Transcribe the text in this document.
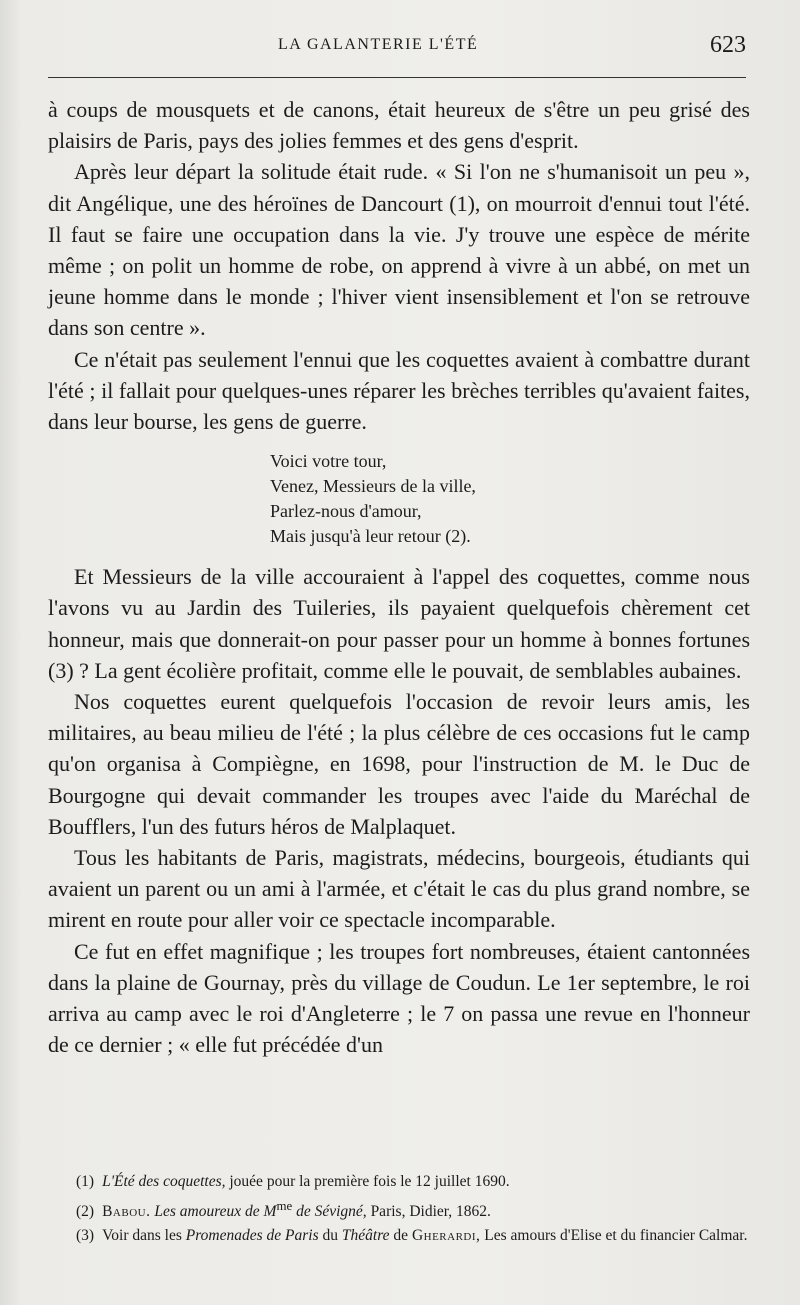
LA GALANTERIE L'ÉTÉ	623

à coups de mousquets et de canons, était heureux de s'être un peu grisé des plaisirs de Paris, pays des jolies femmes et des gens d'esprit.

Après leur départ la solitude était rude. « Si l'on ne s'humanisoit un peu », dit Angélique, une des héroïnes de Dancourt (1), on mourroit d'ennui tout l'été. Il faut se faire une occupation dans la vie. J'y trouve une espèce de mérite même ; on polit un homme de robe, on apprend à vivre à un abbé, on met un jeune homme dans le monde ; l'hiver vient insensiblement et l'on se retrouve dans son centre ».

Ce n'était pas seulement l'ennui que les coquettes avaient à combattre durant l'été ; il fallait pour quelques-unes réparer les brèches terribles qu'avaient faites, dans leur bourse, les gens de guerre.

Voici votre tour,
Venez, Messieurs de la ville,
Parlez-nous d'amour,
Mais jusqu'à leur retour (2).

Et Messieurs de la ville accouraient à l'appel des coquettes, comme nous l'avons vu au Jardin des Tuileries, ils payaient quelquefois chèrement cet honneur, mais que donnerait-on pour passer pour un homme à bonnes fortunes (3) ? La gent écolière profitait, comme elle le pouvait, de semblables aubaines.

Nos coquettes eurent quelquefois l'occasion de revoir leurs amis, les militaires, au beau milieu de l'été ; la plus célèbre de ces occasions fut le camp qu'on organisa à Compiègne, en 1698, pour l'instruction de M. le Duc de Bourgogne qui devait commander les troupes avec l'aide du Maréchal de Boufflers, l'un des futurs héros de Malplaquet.

Tous les habitants de Paris, magistrats, médecins, bourgeois, étudiants qui avaient un parent ou un ami à l'armée, et c'était le cas du plus grand nombre, se mirent en route pour aller voir ce spectacle incomparable.

Ce fut en effet magnifique ; les troupes fort nombreuses, étaient cantonnées dans la plaine de Gournay, près du village de Coudun. Le 1er septembre, le roi arriva au camp avec le roi d'Angleterre ; le 7 on passa une revue en l'honneur de ce dernier ; « elle fut précédée d'un

(1) L'Été des coquettes, jouée pour la première fois le 12 juillet 1690.

(2) Babou. Les amoureux de $M^{me}$ de Sévigné, Paris, Didier, 1862.

(3) Voir dans les Promenades de Paris du Théâtre de Gherardi, Les amours d'Elise et du financier Calmar.
